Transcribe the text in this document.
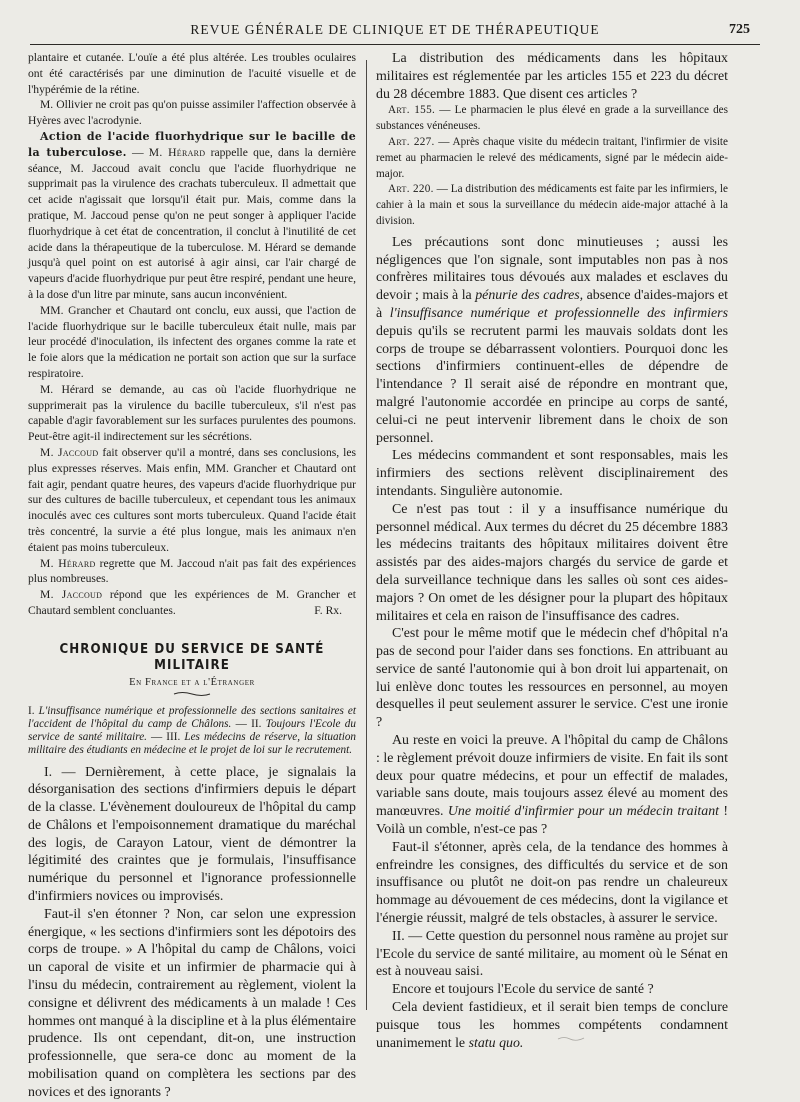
REVUE GÉNÉRALE DE CLINIQUE ET DE THÉRAPEUTIQUE	725

plantaire et cutanée. L'ouïe a été plus altérée. Les troubles oculaires ont été caractérisés par une diminution de l'acuité visuelle et de l'hypérémie de la rétine.

M. Ollivier ne croit pas qu'on puisse assimiler l'affection observée à Hyères avec l'acrodynie.

Action de l'acide fluorhydrique sur le bacille de la tuberculose. — M. Hérard rappelle que, dans la dernière séance, M. Jaccoud avait conclu que l'acide fluorhydrique ne supprimait pas la virulence des crachats tuberculeux. Il admettait que cet acide n'agissait que lorsqu'il était pur. Mais, comme dans la pratique, M. Jaccoud pense qu'on ne peut songer à appliquer l'acide fluorhydrique à cet état de concentration, il conclut à l'inutilité de cet acide dans la thérapeutique de la tuberculose. M. Hérard se demande jusqu'à quel point on est autorisé à agir ainsi, car l'air chargé de vapeurs d'acide fluorhydrique pur peut être respiré, pendant une heure, à la dose d'un litre par minute, sans aucun inconvénient.

MM. Grancher et Chautard ont conclu, eux aussi, que l'action de l'acide fluorhydrique sur le bacille tuberculeux était nulle, mais par leur procédé d'inoculation, ils infectent des organes comme la rate et le foie alors que la médication ne portait son action que sur la surface respiratoire.

M. Hérard se demande, au cas où l'acide fluorhydrique ne supprimerait pas la virulence du bacille tuberculeux, s'il n'est pas capable d'agir favorablement sur les surfaces purulentes des poumons. Peut-être agit-il indirectement sur les sécrétions.

M. Jaccoud fait observer qu'il a montré, dans ses conclusions, les plus expresses réserves. Mais enfin, MM. Grancher et Chautard ont fait agir, pendant quatre heures, des vapeurs d'acide fluorhydrique pur sur des cultures de bacille tuberculeux, et cependant tous les animaux inoculés avec ces cultures sont morts tuberculeux. Quand l'acide était très concentré, la survie a été plus longue, mais les animaux n'en étaient pas moins tuberculeux.

M. Hérard regrette que M. Jaccoud n'ait pas fait des expériences plus nombreuses.

M. Jaccoud répond que les expériences de M. Grancher et Chautard semblent concluantes.	F. Rx.
CHRONIQUE DU SERVICE DE SANTÉ MILITAIRE
En France et a l'Étranger

I. L'insuffisance numérique et professionnelle des sections sanitaires et l'accident de l'hôpital du camp de Châlons. — II. Toujours l'Ecole du service de santé militaire. — III. Les médecins de réserve, la situation militaire des étudiants en médecine et le projet de loi sur le recrutement.

I. — Dernièrement, à cette place, je signalais la désorganisation des sections d'infirmiers depuis le départ de la classe. L'évènement douloureux de l'hôpital du camp de Châlons et l'empoisonnement dramatique du maréchal des logis, de Carayon Latour, vient de démontrer la légitimité des craintes que je formulais, l'insuffisance numérique du personnel et l'ignorance professionnelle d'infirmiers novices ou improvisés.

Faut-il s'en étonner ? Non, car selon une expression énergique, « les sections d'infirmiers sont les dépotoirs des corps de troupe. » A l'hôpital du camp de Châlons, voici un caporal de visite et un infirmier de pharmacie qui à l'insu du médecin, contrairement au règlement, violent la consigne et délivrent des médicaments à un malade ! Ces hommes ont manqué à la discipline et à la plus élémentaire prudence. Ils ont cependant, dit-on, une instruction professionnelle, que sera-ce donc au moment de la mobilisation quand on complètera les sections par des novices et des ignorants ?

La distribution des médicaments dans les hôpitaux militaires est réglementée par les articles 155 et 223 du décret du 28 décembre 1883. Que disent ces articles ?

Art. 155. — Le pharmacien le plus élevé en grade a la surveillance des substances vénéneuses.

Art. 227. — Après chaque visite du médecin traitant, l'infirmier de visite remet au pharmacien le relevé des médicaments, signé par le médecin aide-major.

Art. 220. — La distribution des médicaments est faite par les infirmiers, le cahier à la main et sous la surveillance du médecin aide-major attaché à la division.

Les précautions sont donc minutieuses ; aussi les négligences que l'on signale, sont imputables non pas à nos confrères militaires tous dévoués aux malades et esclaves du devoir ; mais à la pénurie des cadres, absence d'aides-majors et à l'insuffisance numérique et professionnelle des infirmiers depuis qu'ils se recrutent parmi les mauvais soldats dont les corps de troupe se débarrassent volontiers. Pourquoi donc les sections d'infirmiers continuent-elles de dépendre de l'intendance ? Il serait aisé de répondre en montrant que, malgré l'autonomie accordée en principe au corps de santé, celui-ci ne peut intervenir librement dans le choix de son personnel.

Les médecins commandent et sont responsables, mais les infirmiers des sections relèvent disciplinairement des intendants. Singulière autonomie.

Ce n'est pas tout : il y a insuffisance numérique du personnel médical. Aux termes du décret du 25 décembre 1883 les médecins traitants des hôpitaux militaires doivent être assistés par des aides-majors chargés du service de garde et dela surveillance technique dans les salles où sont ces aides-majors ? On omet de les désigner pour la plupart des hôpitaux militaires et cela en raison de l'insuffisance des cadres.

C'est pour le même motif que le médecin chef d'hôpital n'a pas de second pour l'aider dans ses fonctions. En attribuant au service de santé l'autonomie qui à bon droit lui appartenait, on lui enlève donc toutes les ressources en personnel, au moyen desquelles il peut seulement assurer le service. C'est une ironie ?

Au reste en voici la preuve. A l'hôpital du camp de Châlons : le règlement prévoit douze infirmiers de visite. En fait ils sont deux pour quatre médecins, et pour un effectif de malades, variable sans doute, mais toujours assez élevé au moment des manœuvres. Une moitié d'infirmier pour un médecin traitant ! Voilà un comble, n'est-ce pas ?

Faut-il s'étonner, après cela, de la tendance des hommes à enfreindre les consignes, des difficultés du service et de son insuffisance ou plutôt ne doit-on pas rendre un chaleureux hommage au dévouement de ces médecins, dont la vigilance et l'énergie réussit, malgré de tels obstacles, à assurer le service.

II. — Cette question du personnel nous ramène au projet sur l'Ecole du service de santé militaire, au moment où le Sénat en est à nouveau saisi.

Encore et toujours l'Ecole du service de santé ?

Cela devient fastidieux, et il serait bien temps de conclure puisque tous les hommes compétents condamnent unanimement le statu quo.
